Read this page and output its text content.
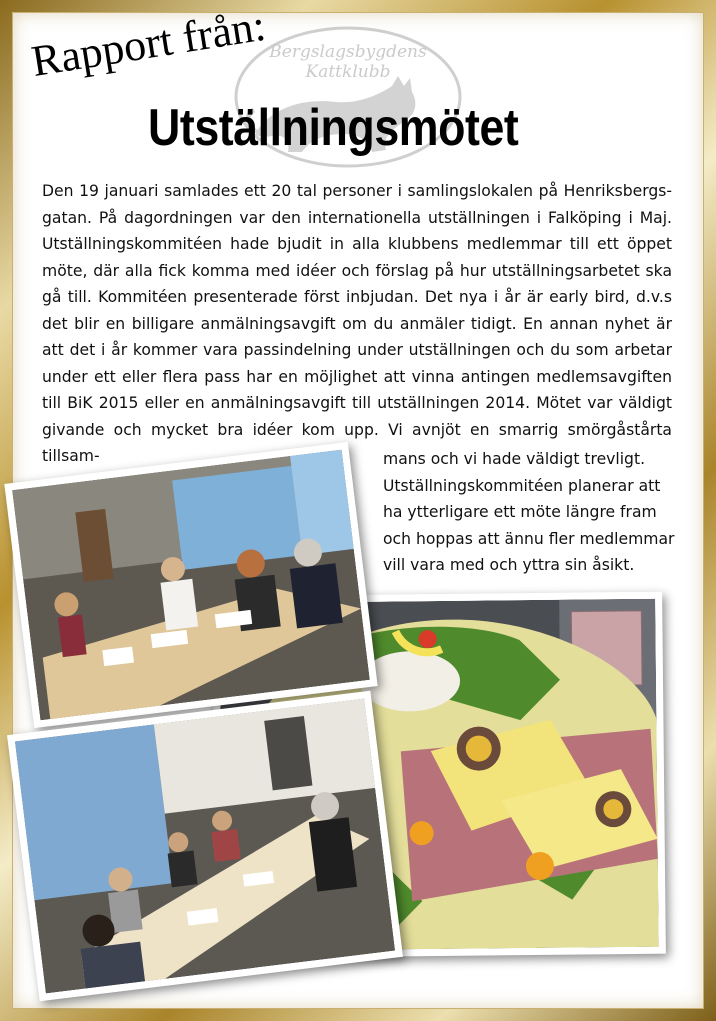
Bergslagsbygdens Kattklubb
Rapport från:
Utställningsmötet
Den 19 januari samlades ett 20 tal personer i samlingslokalen på Henriksbergs-gatan. På dagordningen var den internationella utställningen i Falköping i Maj. Utställningskommitéen hade bjudit in alla klubbens medlemmar till ett öppet möte, där alla fick komma med idéer och förslag på hur utställningsarbetet ska gå till. Kommitéen presenterade först inbjudan. Det nya i år är early bird, d.v.s det blir en billigare anmälningsavgift om du anmäler tidigt. En annan nyhet är att det i år kommer vara passindelning under utställningen och du som arbetar under ett eller flera pass har en möjlighet att vinna antingen medlemsavgiften till BiK 2015 eller en anmälningsavgift till utställningen 2014. Mötet var väldigt givande och mycket bra idéer kom upp. Vi avnjöt en smarrig smörgåstårta tillsam-	mans och vi hade väldigt trevligt. Utställningskommitéen planerar att ha ytterligare ett möte längre fram och hoppas att ännu fler medlemmar vill vara med och yttra sin åsikt.
